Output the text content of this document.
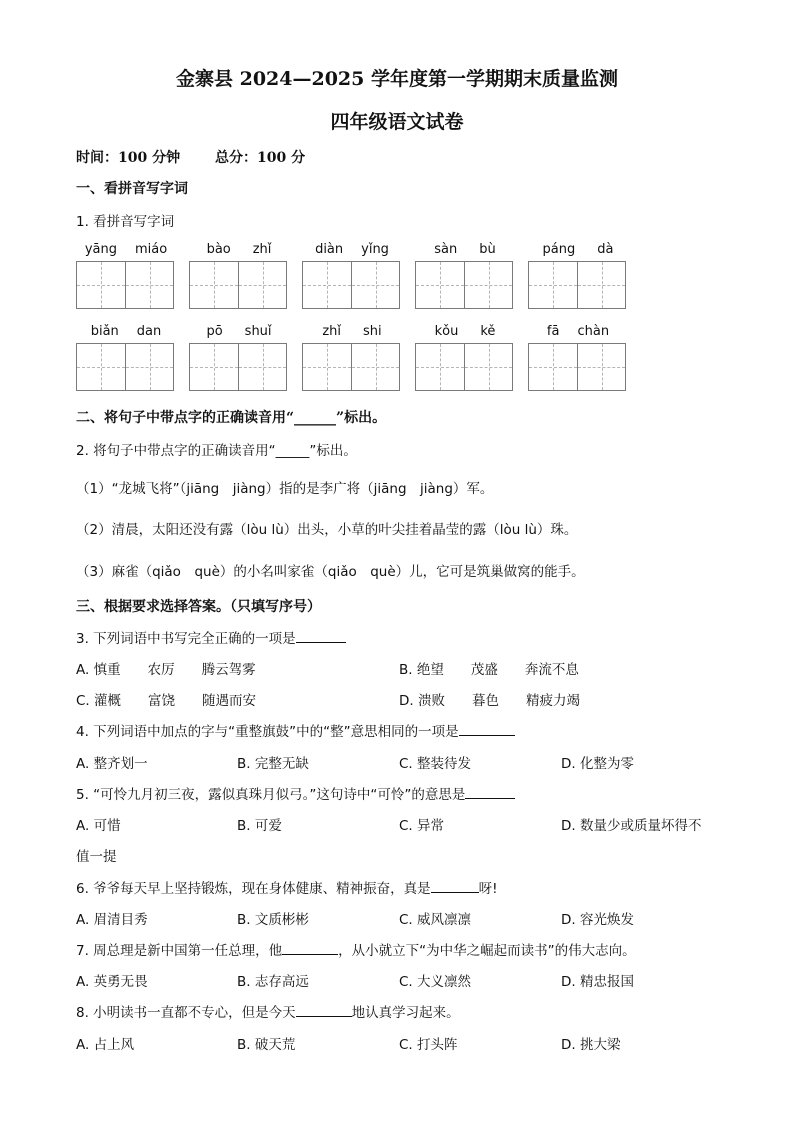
金寨县 2024—2025 学年度第一学期期末质量监测
四年级语文试卷
时间：100 分钟 总分：100 分
一、看拼音写字词
1. 看拼音写字词
yāng miáo	bào zhǐ	diàn yǐng	sàn bù	páng dà
biǎn dan	pō shuǐ	zhǐ shi	kǒu kě	fā chàn
二、将句子中带点字的正确读音用“______”标出。
2. 将句子中带点字的正确读音用“_____”标出。
（1）“龙城飞将”（jiāng　jiàng）指的是李广将（jiāng　jiàng）军。
（2）清晨，太阳还没有露（lòu lù）出头，小草的叶尖挂着晶莹的露（lòu lù）珠。
（3）麻雀（qiǎo　què）的小名叫家雀（qiǎo　què）儿，它可是筑巢做窝的能手。
三、根据要求选择答案。（只填写序号）
3. 下列词语中书写完全正确的一项是
A. 慎重　　农厉　　腾云驾雾	B. 绝望　　茂盛　　奔流不息
C. 灌概　　富饶　　随遇而安	D. 溃败　　暮色　　精疲力竭
4. 下列词语中加点的字与“重整旗鼓”中的“整”意思相同的一项是
A. 整齐划一	B. 完整无缺	C. 整装待发	D. 化整为零
5. “可怜九月初三夜，露似真珠月似弓。”这句诗中“可怜”的意思是
A. 可惜	B. 可爱	C. 异常	D. 数量少或质量坏得不
值一提
6. 爷爷每天早上坚持锻炼，现在身体健康、精神振奋，真是	呀!
A. 眉清目秀	B. 文质彬彬	C. 威风凛凛	D. 容光焕发
7. 周总理是新中国第一任总理，他	，从小就立下“为中华之崛起而读书”的伟大志向。
A. 英勇无畏	B. 志存高远	C. 大义凛然	D. 精忠报国
8. 小明读书一直都不专心，但是今天	地认真学习起来。
A. 占上风	B. 破天荒	C. 打头阵	D. 挑大梁
